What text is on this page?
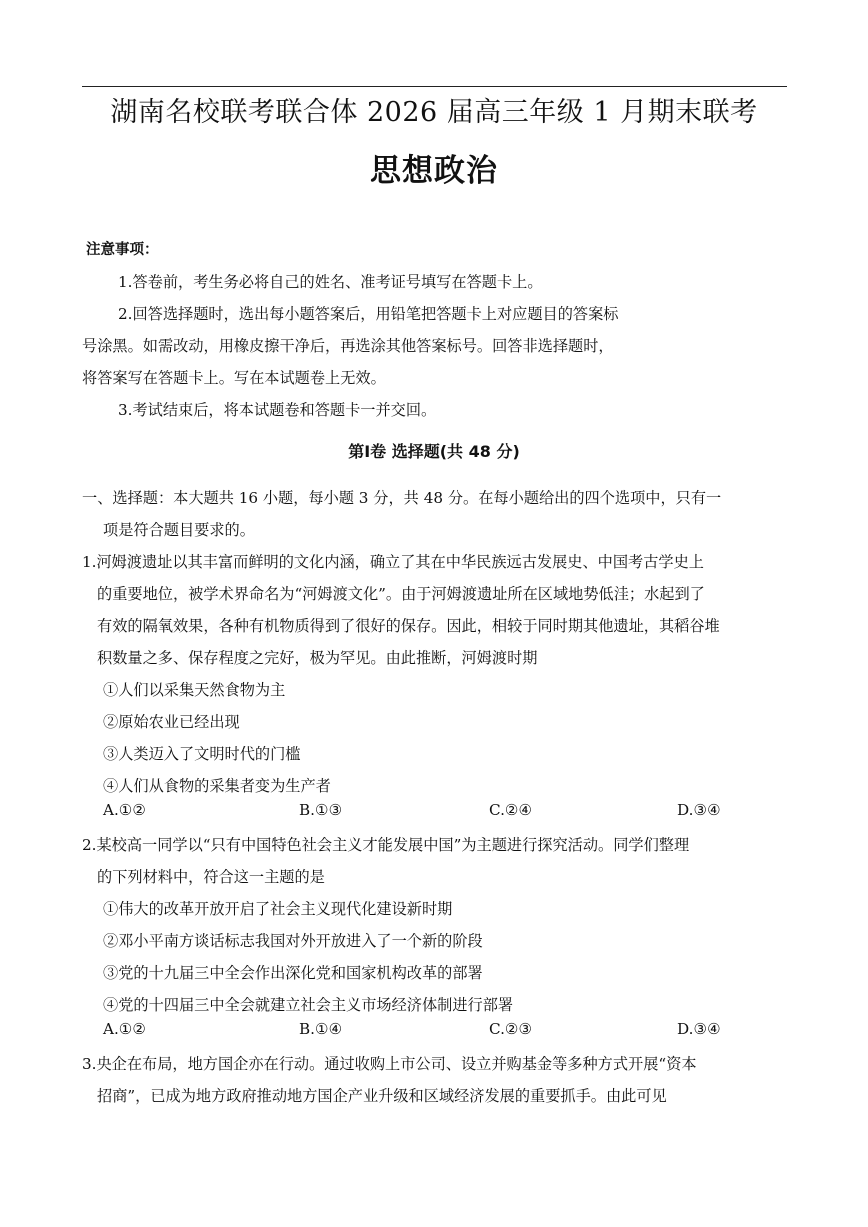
湖南名校联考联合体 2026 届高三年级 1 月期末联考
思想政治
注意事项：
1.答卷前，考生务必将自己的姓名、准考证号填写在答题卡上。
2.回答选择题时，选出每小题答案后，用铅笔把答题卡上对应题目的答案标
号涂黑。如需改动，用橡皮擦干净后，再选涂其他答案标号。回答非选择题时，
将答案写在答题卡上。写在本试题卷上无效。
3.考试结束后，将本试题卷和答题卡一并交回。
第Ⅰ卷 选择题(共 48 分)
一、选择题：本大题共 16 小题，每小题 3 分，共 48 分。在每小题给出的四个选项中，只有一
项是符合题目要求的。
1.河姆渡遗址以其丰富而鲜明的文化内涵，确立了其在中华民族远古发展史、中国考古学史上
的重要地位，被学术界命名为“河姆渡文化”。由于河姆渡遗址所在区域地势低洼；水起到了
有效的隔氧效果，各种有机物质得到了很好的保存。因此，相较于同时期其他遗址，其稻谷堆
积数量之多、保存程度之完好，极为罕见。由此推断，河姆渡时期
①人们以采集天然食物为主
②原始农业已经出现
③人类迈入了文明时代的门槛
④人们从食物的采集者变为生产者
A.①②	B.①③	C.②④	D.③④
2.某校高一同学以“只有中国特色社会主义才能发展中国”为主题进行探究活动。同学们整理
的下列材料中，符合这一主题的是
①伟大的改革开放开启了社会主义现代化建设新时期
②邓小平南方谈话标志我国对外开放进入了一个新的阶段
③党的十九届三中全会作出深化党和国家机构改革的部署
④党的十四届三中全会就建立社会主义市场经济体制进行部署
A.①②	B.①④	C.②③	D.③④
3.央企在布局，地方国企亦在行动。通过收购上市公司、设立并购基金等多种方式开展“资本
招商”，已成为地方政府推动地方国企产业升级和区域经济发展的重要抓手。由此可见
